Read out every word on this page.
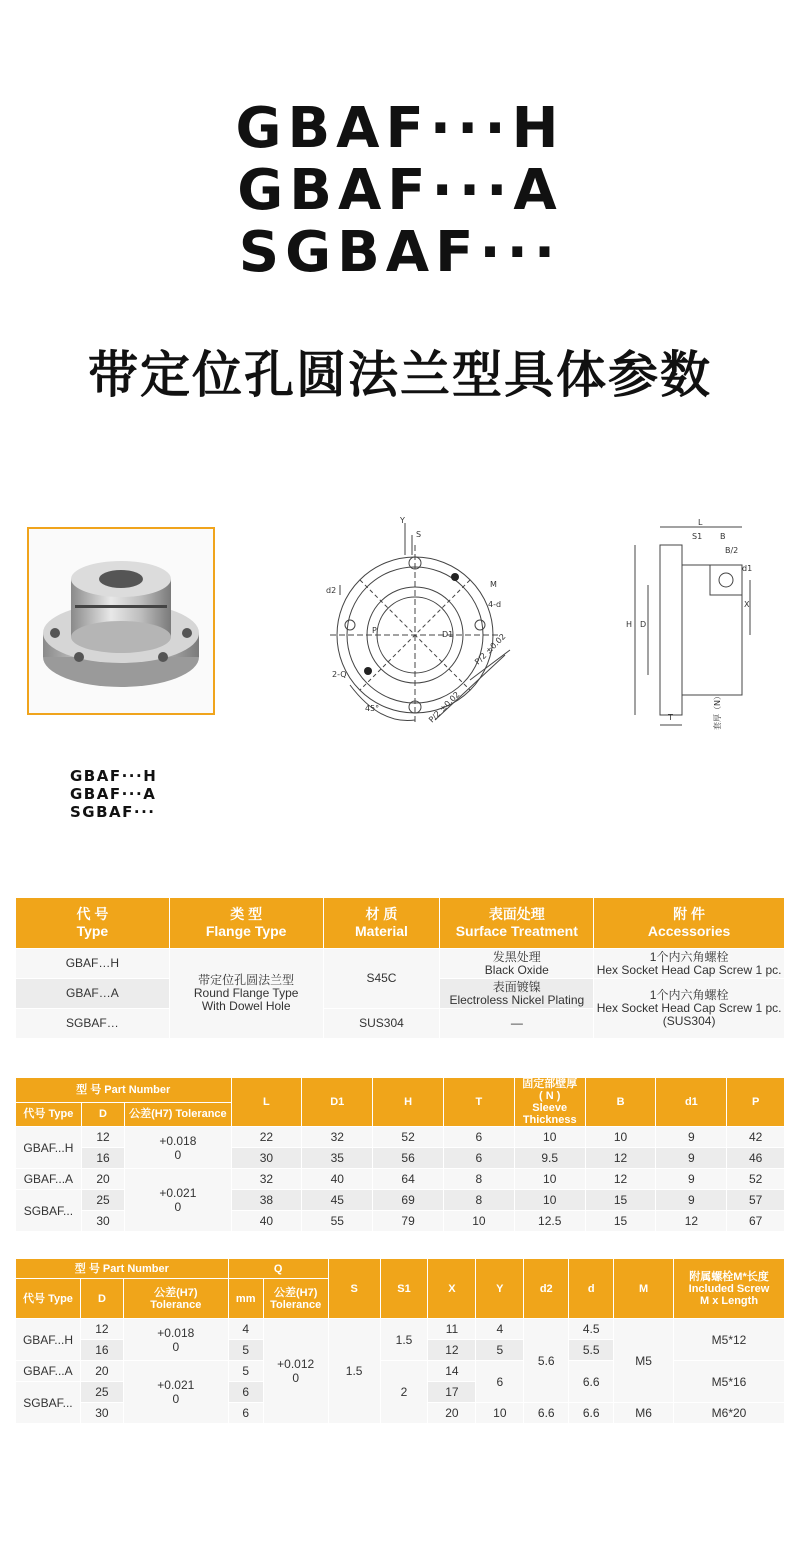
GBAF···H
GBAF···A
SGBAF···
带定位孔圆法兰型具体参数
GBAF···H
GBAF···A
SGBAF···
Y
S
d2
M
4-d
P	D1
2-Q
45°
P/2 ±0.02
P/2 ±0.02
L
S1 B
B/2
d1
X
H D
T	套厚（N）
代 号
Type	类 型
Flange Type	材 质
Material	表面处理
Surface Treatment	附 件
Accessories
GBAF…H	带定位孔圆法兰型
Round Flange Type
With Dowel Hole	S45C	发黑处理
Black Oxide	1个内六角螺栓
Hex Socket Head Cap Screw 1 pc.
GBAF…A			表面镀镍
Electroless Nickel Plating	1个内六角螺栓
Hex Socket Head Cap Screw 1 pc.
(SUS304)
SGBAF…		SUS304	—	
型 号 Part Number			L	D1	H	T	固定部壁厚
( N )
Sleeve Thickness	B	d1	P
代号 Type	D	公差(H7) Tolerance								
GBAF...H	12	+0.018
0	22	32	52	6	10	10	9	42
	16		30	35	56	6	9.5	12	9	46
GBAF...A	20	+0.021
0	32	40	64	8	10	12	9	52
SGBAF...	25		38	45	69	8	10	15	9	57
	30		40	55	79	10	12.5	15	12	67
型 号 Part Number			Q		S	S1	X	Y	d2	d	M	附属螺栓M*长度
Included Screw
M x Length
代号 Type	D	公差(H7)
Tolerance	mm	公差(H7)
Tolerance								
GBAF...H	12	+0.018
0	4	+0.012
0	1.5	1.5	11	4	5.6	4.5	M5	M5*12
	16		5				12	5		5.5		
GBAF...A	20	+0.021
0	5			2	14	6		6.6		M5*16
SGBAF...	25		6				17					
	30		6				20	10	6.6	6.6	M6	M6*20
